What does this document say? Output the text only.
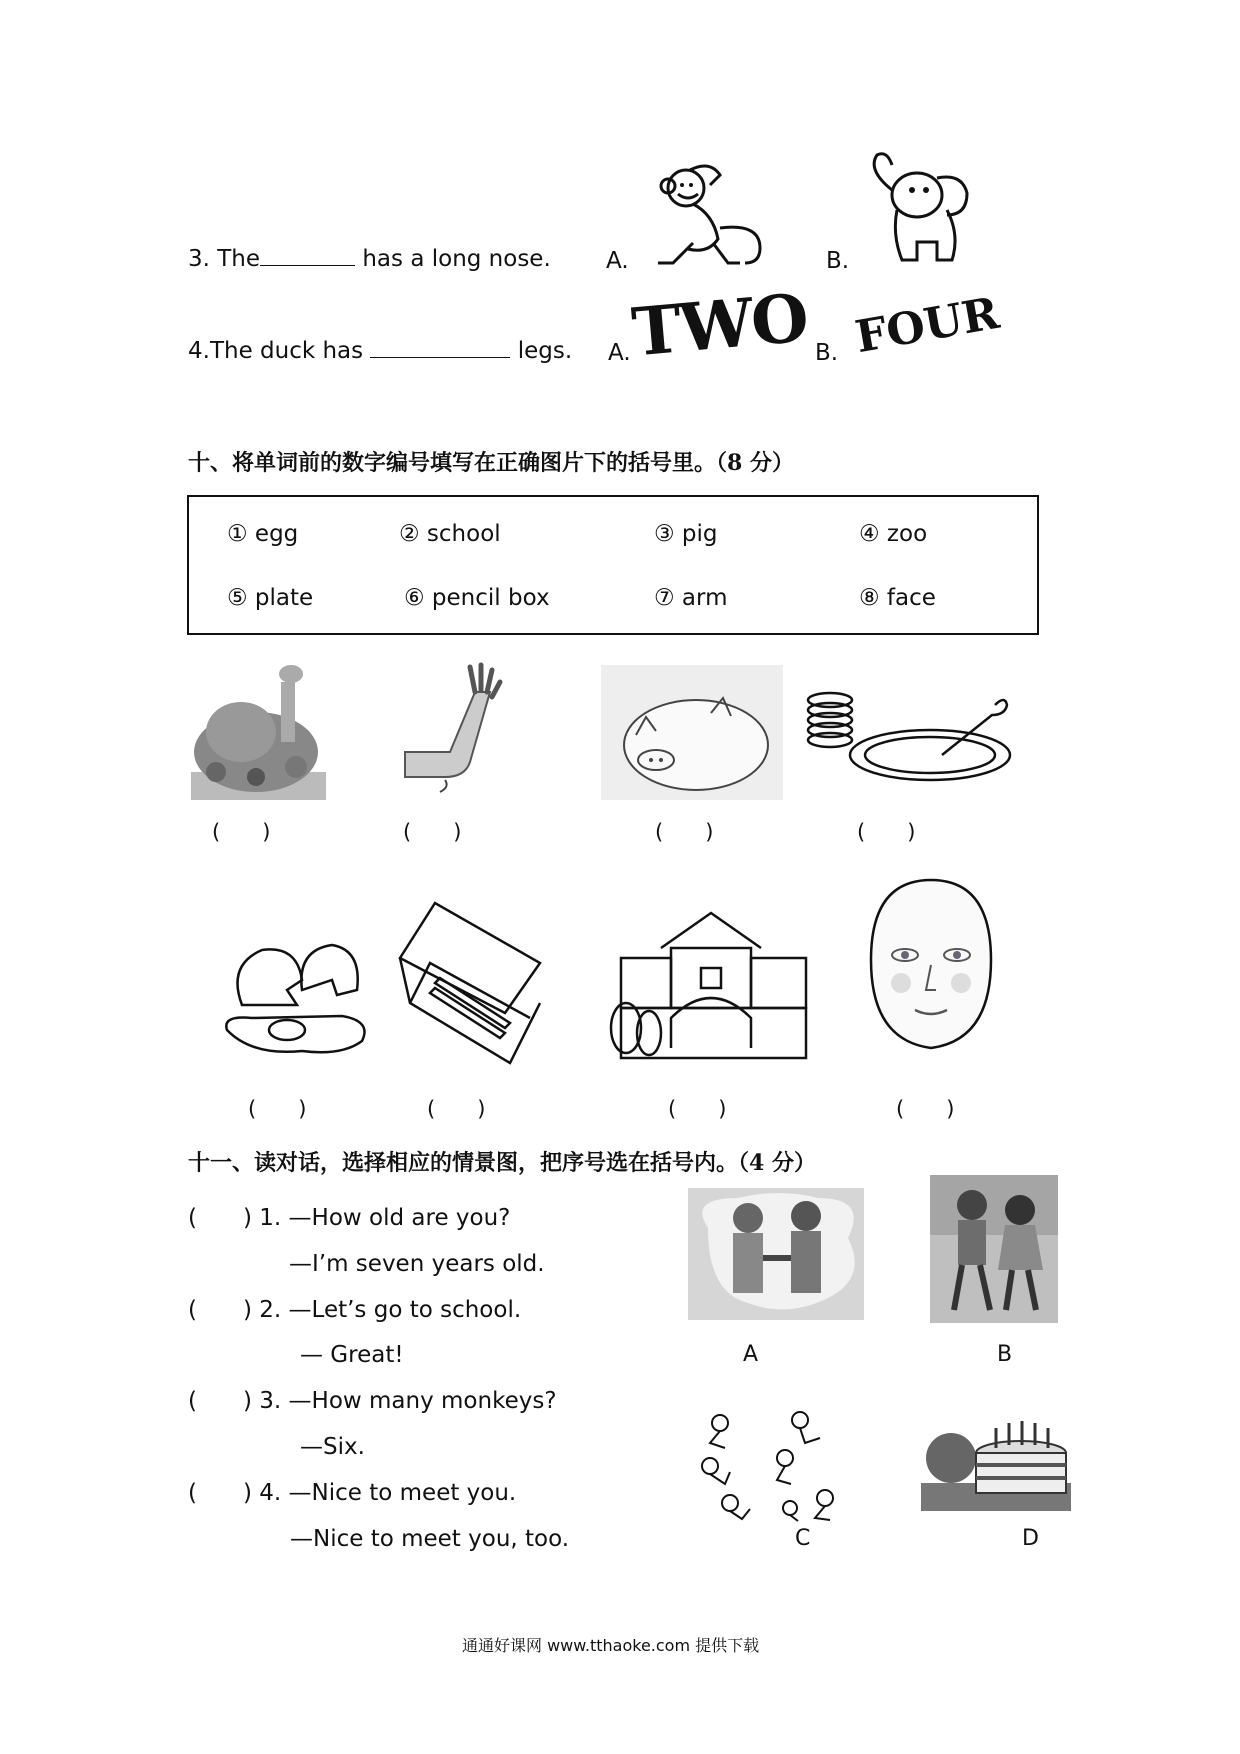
3. The	has a long nose. A.	B.
4.The duck has	legs. A.
TWO B. FOUR
十、将单词前的数字编号填写在正确图片下的括号里。（8 分）
① egg	② school	③ pig	④ zoo
⑤ plate	⑥ pencil box	⑦ arm	⑧ face
(　　)	(　　)	(　　)	(　　)
(　　)	(　　)	(　　)	(　　)
十一、读对话，选择相应的情景图，把序号选在括号内。（4 分）
( ) 1. —How old are you?
—I’m seven years old.
( ) 2. —Let’s go to school.
— Great!
( ) 3. —How many monkeys?
—Six.
( ) 4. —Nice to meet you.
—Nice to meet you, too.
A	B
C	D
通通好课网 www.tthaoke.com 提供下载
